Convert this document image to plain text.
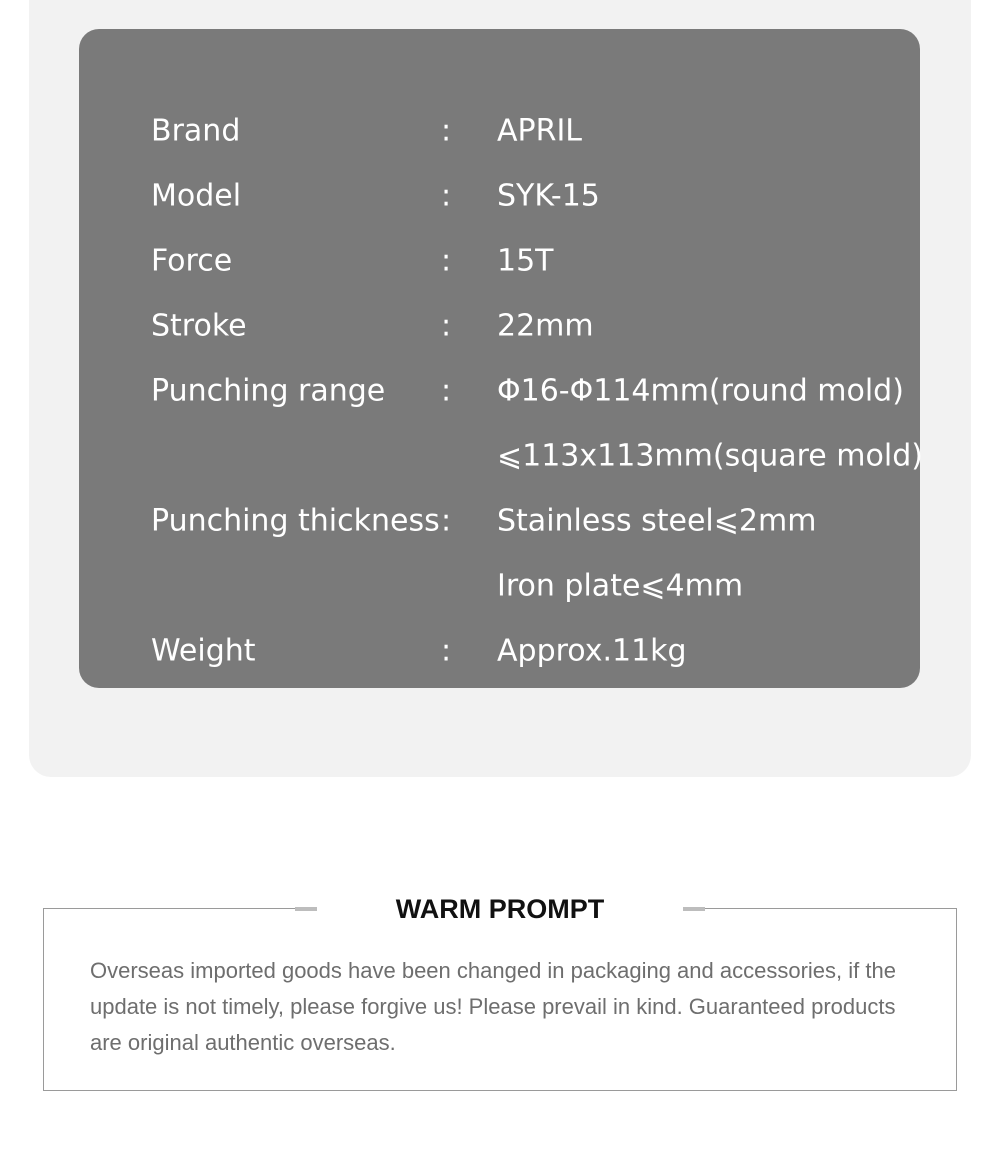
Brand	: APRIL
Model	: SYK-15
Force	: 15T
Stroke	: 22mm
Punching range : Φ16-Φ114mm(round mold)
⩽113x113mm(square mold)
Punching thickness : Stainless steel⩽2mm
Iron plate⩽4mm
Weight	: Approx.11kg

Overseas imported goods have been changed in packaging and accessories, if the update is not timely, please forgive us! Please prevail in kind. Guaranteed products are original authentic overseas.

WARM PROMPT
